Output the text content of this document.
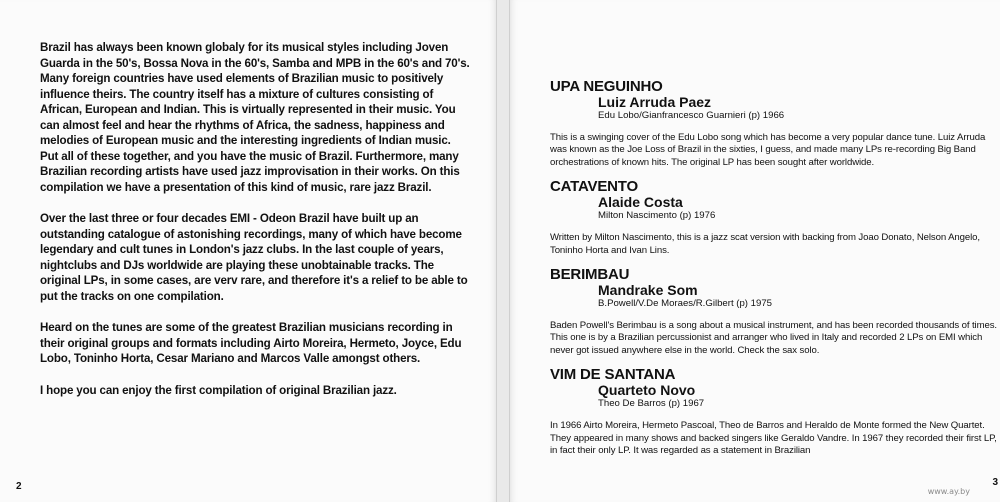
Brazil has always been known globaly for its musical styles including Joven Guarda in the 50's, Bossa Nova in the 60's, Samba and MPB in the 60's and 70's. Many foreign countries have used elements of Brazilian music to positively influence theirs. The country itself has a mixture of cultures consisting of African, European and Indian. This is virtually represented in their music. You can almost feel and hear the rhythms of Africa, the sadness, happiness and melodies of European music and the interesting ingredients of Indian music. Put all of these together, and you have the music of Brazil. Furthermore, many Brazilian recording artists have used jazz improvisation in their works. On this compilation we have a presentation of this kind of music, rare jazz Brazil.

Over the last three or four decades EMI - Odeon Brazil have built up an outstanding catalogue of astonishing recordings, many of which have become legendary and cult tunes in London's jazz clubs. In the last couple of years, nightclubs and DJs worldwide are playing these unobtainable tracks. The original LPs, in some cases, are verv rare, and therefore it's a relief to be able to put the tracks on one compilation.

Heard on the tunes are some of the greatest Brazilian musicians recording in their original groups and formats including Airto Moreira, Hermeto, Joyce, Edu Lobo, Toninho Horta, Cesar Mariano and Marcos Valle amongst others.

I hope you can enjoy the first compilation of original Brazilian jazz.

2
UPA NEGUINHO
Luiz Arruda Paez
Edu Lobo/Gianfrancesco Guarnieri (p) 1966
This is a swinging cover of the Edu Lobo song which has become a very popular dance tune. Luiz Arruda was known as the Joe Loss of Brazil in the sixties, I guess, and made many LPs re-recording Big Band orchestrations of known hits. The original LP has been sought after worldwide.
CATAVENTO
Alaide Costa
Milton Nascimento (p) 1976
Written by Milton Nascimento, this is a jazz scat version with backing from Joao Donato, Nelson Angelo, Toninho Horta and Ivan Lins.
BERIMBAU
Mandrake Som
B.Powell/V.De Moraes/R.Gilbert (p) 1975
Baden Powell's Berimbau is a song about a musical instrument, and has been recorded thousands of times. This one is by a Brazilian percussionist and arranger who lived in Italy and recorded 2 LPs on EMI which never got issued anywhere else in the world. Check the sax solo.
VIM DE SANTANA
Quarteto Novo
Theo De Barros (p) 1967
In 1966 Airto Moreira, Hermeto Pascoal, Theo de Barros and Heraldo de Monte formed the New Quartet. They appeared in many shows and backed singers like Geraldo Vandre. In 1967 they recorded their first LP, in fact their only LP. It was regarded as a statement in Brazilian
www.ay.by
3
